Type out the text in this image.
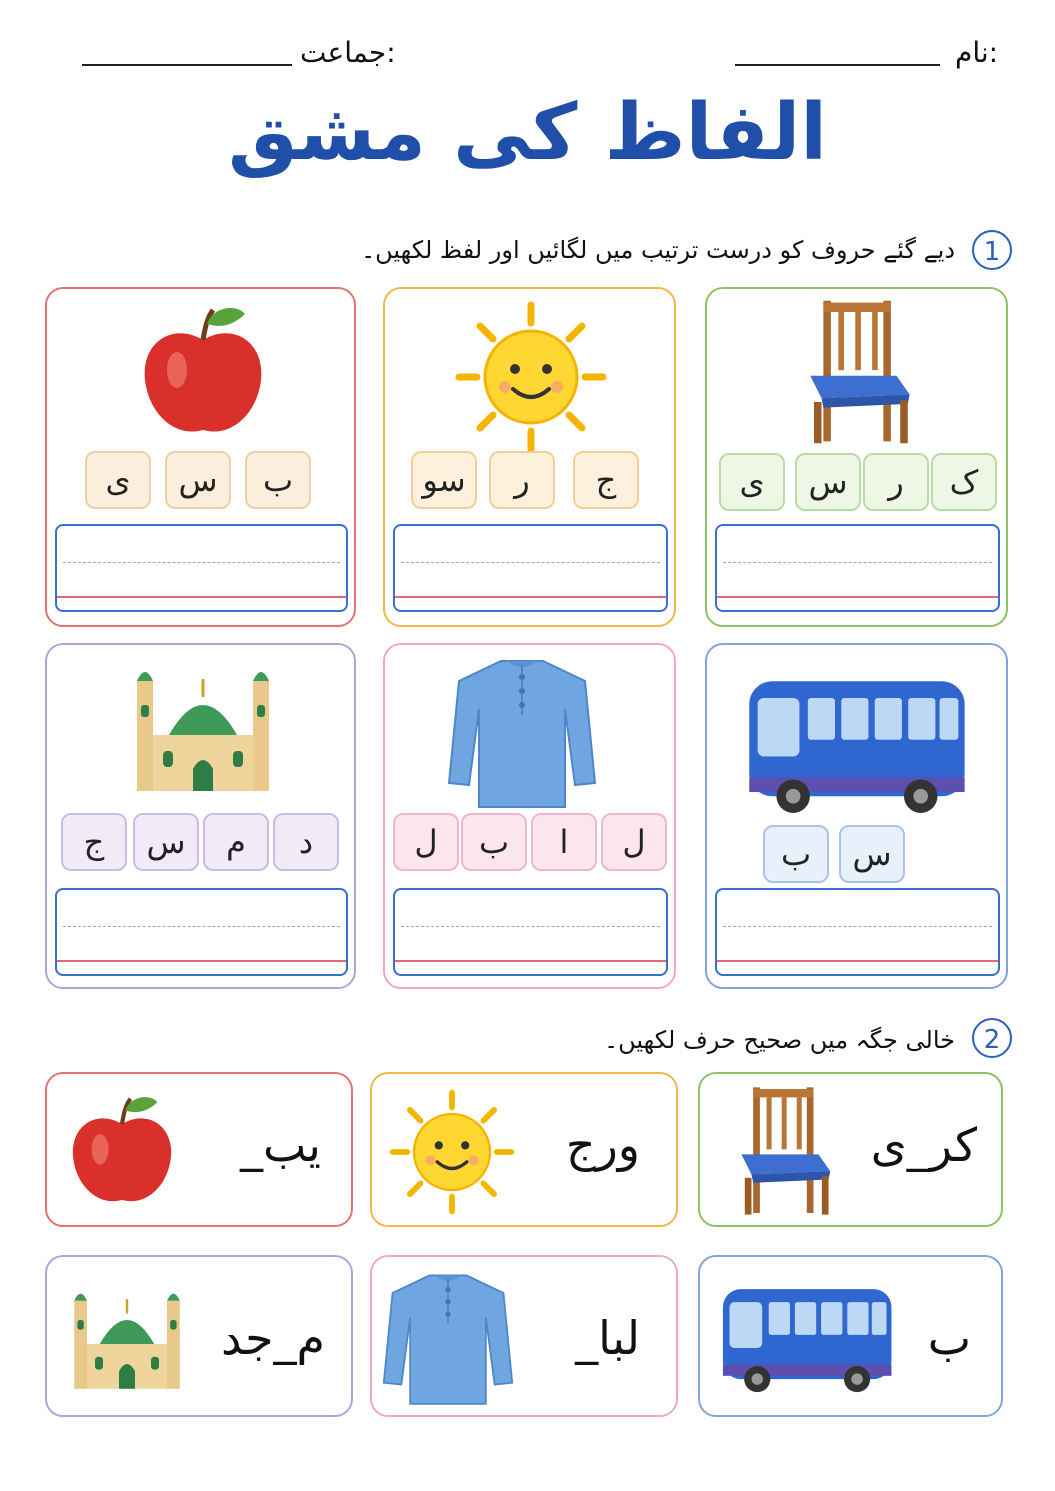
نام:
جماعت:
الفاظ کی مشق
1
دیے گئے حروف کو درست ترتیب میں لگائیں اور لفظ لکھیں۔
ک
ر
س
ی
ج
ر
سو
ب
س
ی
س
ب
ل
ا
ب
ل
د
م
س
ج
2
خالی جگہ میں صحیح حرف لکھیں۔
کر_ی
ورج
یب_
ب
لبا_
م_جد
